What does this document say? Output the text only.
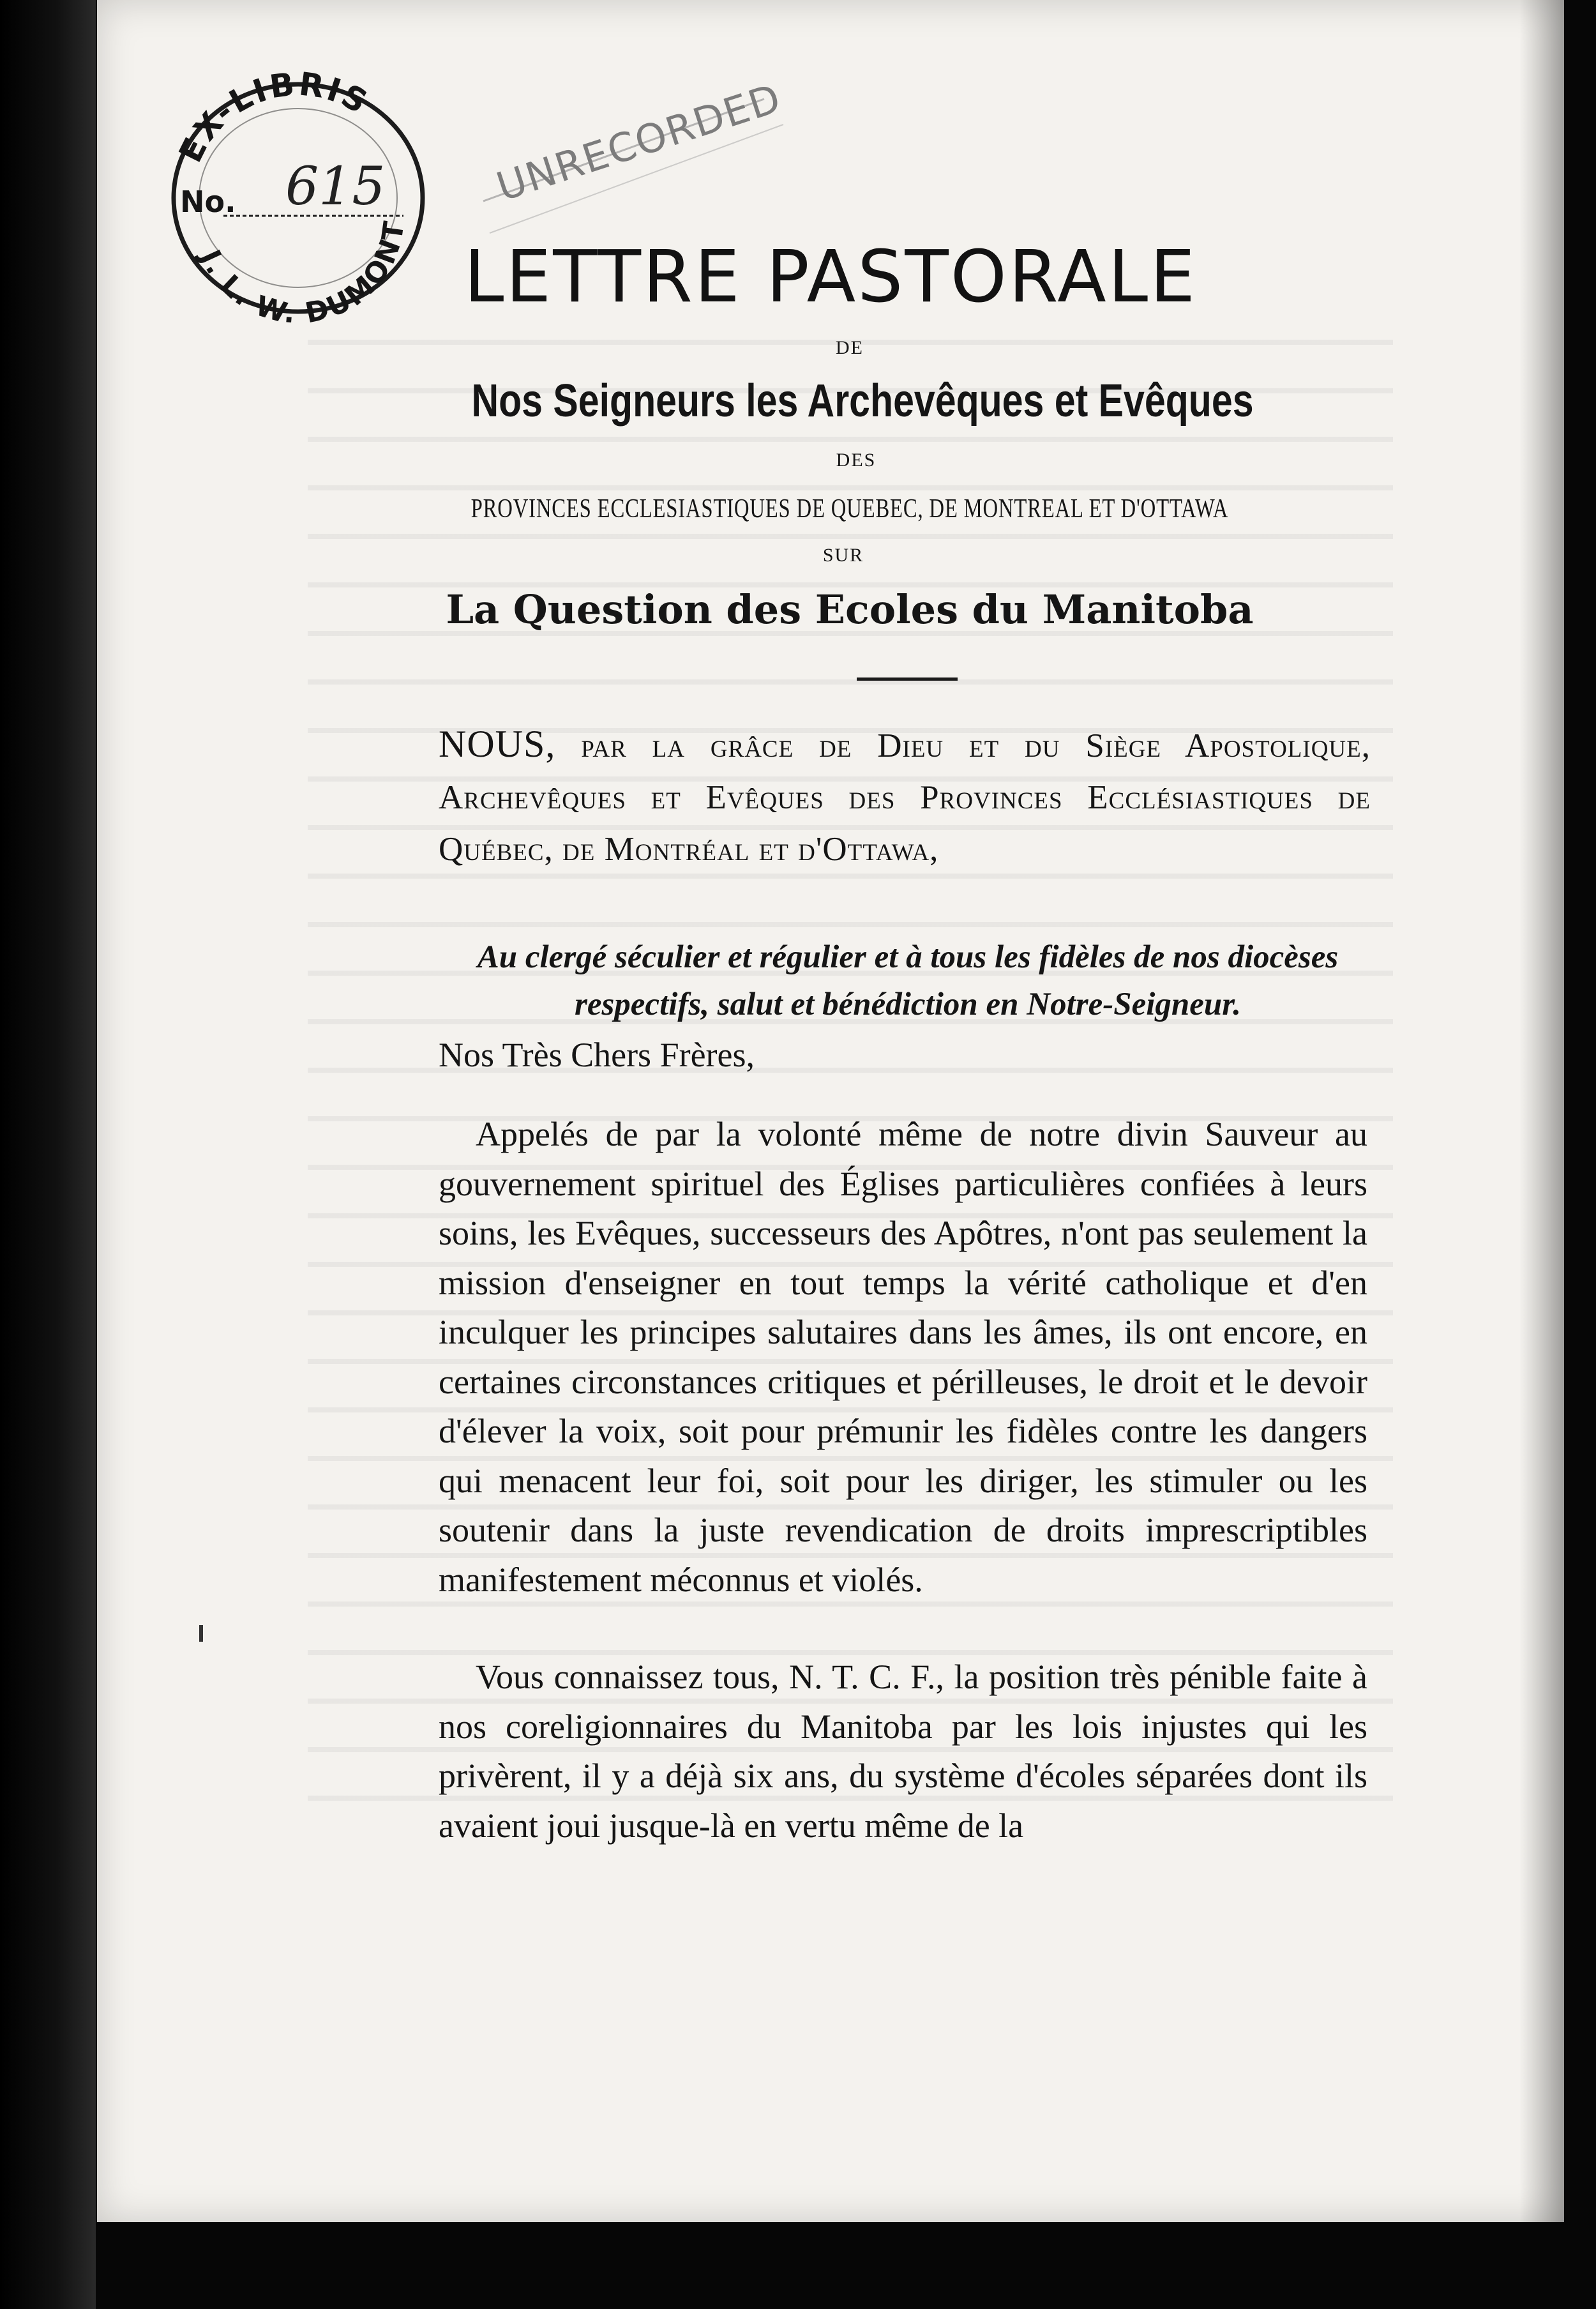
EX-LIBRIS
No. 615
J. L. W. DUMONT
UNRECORDED
LETTRE PASTORALE
DE
Nos Seigneurs les Archevêques et Evêques
DES
PROVINCES ECCLESIASTIQUES DE QUEBEC, DE MONTREAL ET D'OTTAWA
SUR
La Question des Ecoles du Manitoba
NOUS, par la grâce de Dieu et du Siège Apostolique, Archevêques et Evêques des Provinces Ecclésiastiques de Québec, de Montréal et d'Ottawa,
Au clergé séculier et régulier et à tous les fidèles de nos diocèses respectifs, salut et bénédiction en Notre-Seigneur.
Nos Très Chers Frères,
Appelés de par la volonté même de notre divin Sauveur au gouvernement spirituel des Églises particulières confiées à leurs soins, les Evêques, successeurs des Apôtres, n'ont pas seulement la mission d'enseigner en tout temps la vérité catholique et d'en inculquer les principes salutaires dans les âmes, ils ont encore, en certaines circonstances critiques et périlleuses, le droit et le devoir d'élever la voix, soit pour prémunir les fidèles contre les dangers qui menacent leur foi, soit pour les diriger, les stimuler ou les soutenir dans la juste revendication de droits imprescriptibles manifestement méconnus et violés.
Vous connaissez tous, N. T. C. F., la position très pénible faite à nos coreligionnaires du Manitoba par les lois injustes qui les privèrent, il y a déjà six ans, du système d'écoles séparées dont ils avaient joui jusque-là en vertu même de la
